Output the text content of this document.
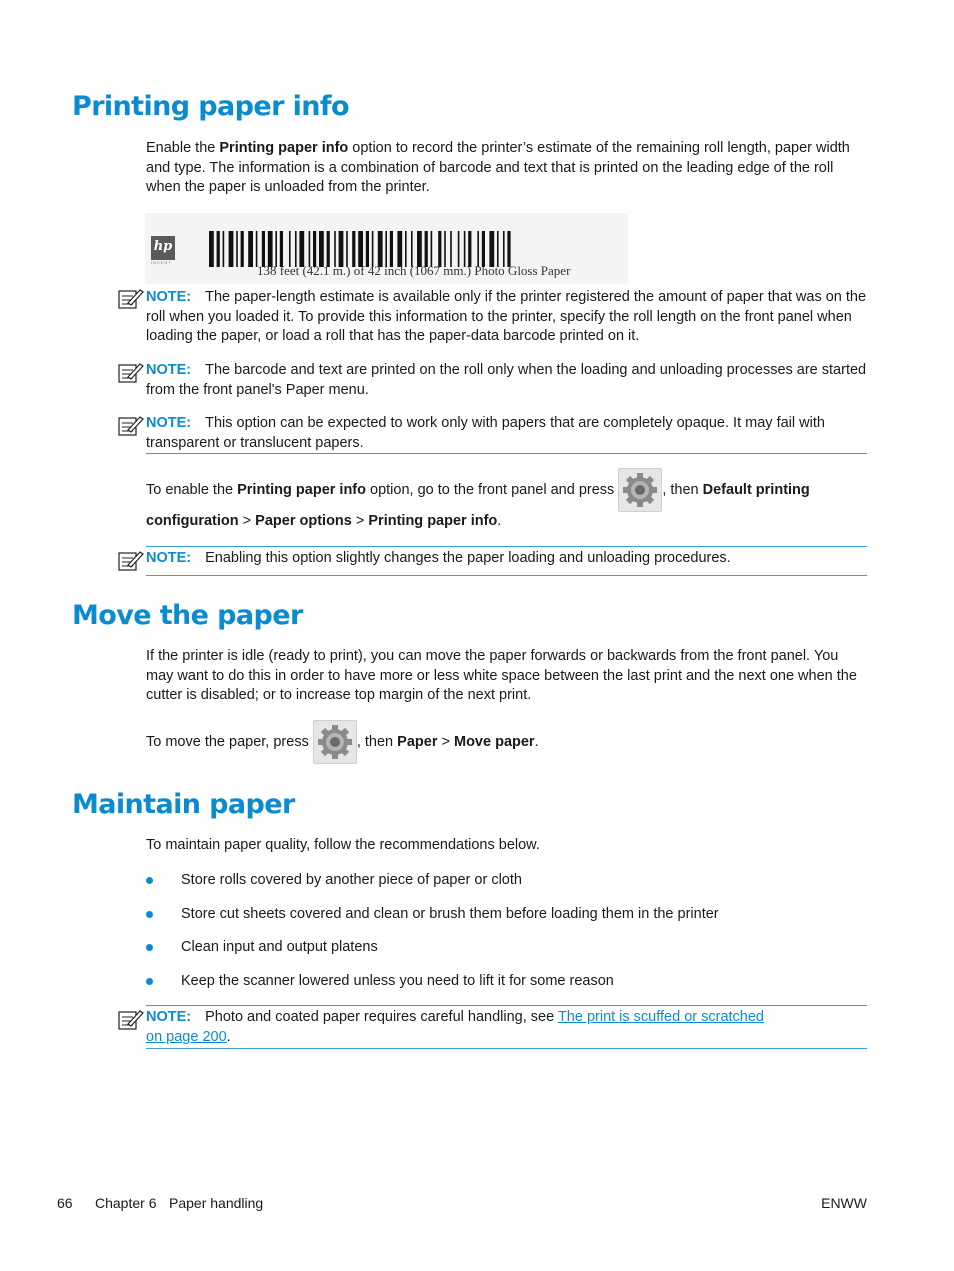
Printing paper info

Enable the Printing paper info option to record the printer’s estimate of the remaining roll length, paper width and type. The information is a combination of barcode and text that is printed on the leading edge of the roll when the paper is unloaded from the printer.

hp
INVENT
138 feet (42.1 m.) of 42 inch (1067 mm.) Photo Gloss Paper

NOTE: The paper-length estimate is available only if the printer registered the amount of paper that was on the roll when you loaded it. To provide this information to the printer, specify the roll length on the front panel when loading the paper, or load a roll that has the paper-data barcode printed on it.

NOTE: The barcode and text are printed on the roll only when the loading and unloading processes are started from the front panel's Paper menu.

NOTE: This option can be expected to work only with papers that are completely opaque. It may fail with transparent or translucent papers.

To enable the Printing paper info option, go to the front panel and press	, then Default printing
configuration > Paper options > Printing paper info.

NOTE: Enabling this option slightly changes the paper loading and unloading procedures.

Move the paper

If the printer is idle (ready to print), you can move the paper forwards or backwards from the front panel. You may want to do this in order to have more or less white space between the last print and the next one when the cutter is disabled; or to increase top margin of the next print.

To move the paper, press	, then Paper > Move paper.
Maintain paper

To maintain paper quality, follow the recommendations below.

Store rolls covered by another piece of paper or cloth
Store cut sheets covered and clean or brush them before loading them in the printer
Clean input and output platens
Keep the scanner lowered unless you need to lift it for some reason

NOTE: Photo and coated paper requires careful handling, see The print is scuffed or scratched
on page 200.

66 Chapter 6 Paper handling	ENWW
